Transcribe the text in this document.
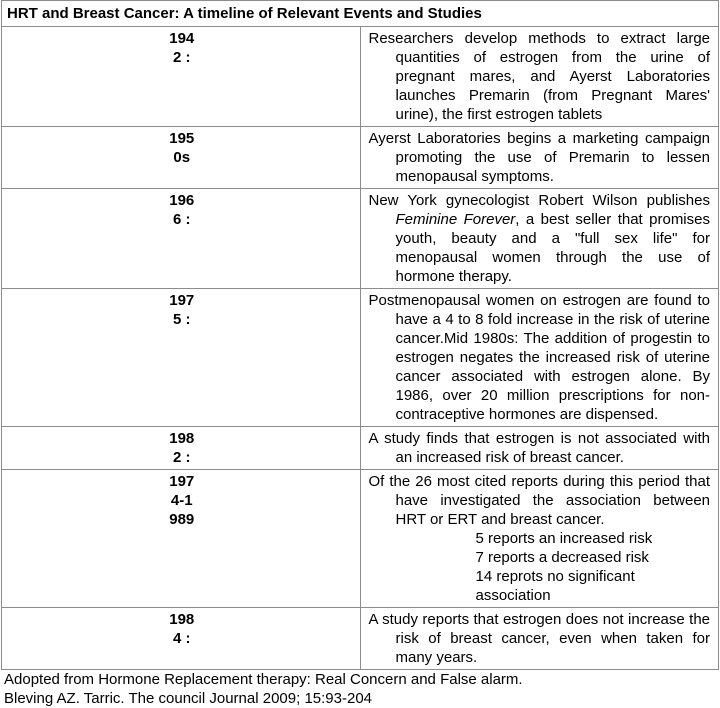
HRT and Breast Cancer: A timeline of Relevant Events and Studies	

1942 :	Researchers develop methods to extract large quantities of estrogen from the urine of pregnant mares, and Ayerst Laboratories launches Premarin (from Pregnant Mares' urine), the first estrogen tablets

1950s	Ayerst Laboratories begins a marketing campaign promoting the use of Premarin to lessen menopausal symptoms.

1966 :	New York gynecologist Robert Wilson publishes Feminine Forever, a best seller that promises youth, beauty and a "full sex life" for menopausal women through the use of hormone therapy.

1975 :	Postmenopausal women on estrogen are found to have a 4 to 8 fold increase in the risk of uterine cancer.Mid 1980s: The addition of progestin to estrogen negates the increased risk of uterine cancer associated with estrogen alone. By 1986, over 20 million prescriptions for non-contraceptive hormones are dispensed.

1982 :	A study finds that estrogen is not associated with an increased risk of breast cancer.

1974-1989	Of the 26 most cited reports during this period that have investigated the association between HRT or ERT and breast cancer.
5 reports an increased risk
7 reports a decreased risk
14 reprots no significant association

1984 :	A study reports that estrogen does not increase the risk of breast cancer, even when taken for many years.
Adopted from Hormone Replacement therapy: Real Concern and False alarm.
Bleving AZ. Tarric. The council Journal 2009; 15:93-204
